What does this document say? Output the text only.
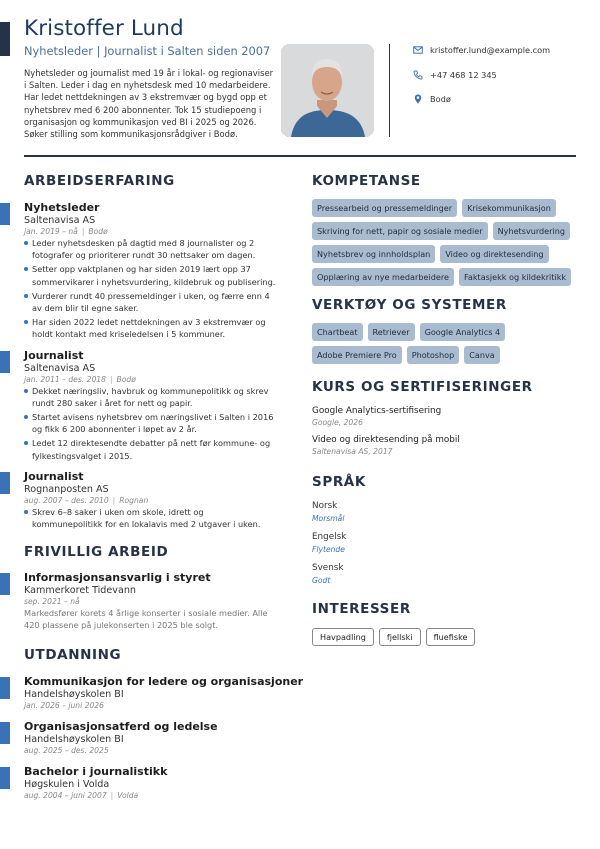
Kristoffer Lund
Nyhetsleder | Journalist i Salten siden 2007
Nyhetsleder og journalist med 19 år i lokal- og regionaviser i Salten. Leder i dag en nyhetsdesk med 10 medarbeidere. Har ledet nettdekningen av 3 ekstremvær og bygd opp et nyhetsbrev med 6 200 abonnenter. Tok 15 studiepoeng i organisasjon og kommunikasjon ved BI i 2025 og 2026. Søker stilling som kommunikasjonsrådgiver i Bodø.
kristoffer.lund@example.com
+47 468 12 345
Bodø
ARBEIDSERFARING
Nyhetsleder
Saltenavisa AS
jan. 2019 – nå | Bodø
Leder nyhetsdesken på dagtid med 8 journalister og 2 fotografer og prioriterer rundt 30 nettsaker om dagen.
Setter opp vaktplanen og har siden 2019 lært opp 37 sommervikarer i nyhetsvurdering, kildebruk og publisering.
Vurderer rundt 40 pressemeldinger i uken, og færre enn 4 av dem blir til egne saker.
Har siden 2022 ledet nettdekningen av 3 ekstremvær og holdt kontakt med kriseledelsen i 5 kommuner.
Journalist
Saltenavisa AS
jan. 2011 – des. 2018 | Bodø
Dekket næringsliv, havbruk og kommunepolitikk og skrev rundt 280 saker i året for nett og papir.
Startet avisens nyhetsbrev om næringslivet i Salten i 2016 og fikk 6 200 abonnenter i løpet av 2 år.
Ledet 12 direktesendte debatter på nett før kommune- og fylkestingsvalget i 2015.
Journalist
Rognanposten AS
aug. 2007 – des. 2010 | Rognan
Skrev 6–8 saker i uken om skole, idrett og kommunepolitikk for en lokalavis med 2 utgaver i uken.
FRIVILLIG ARBEID
Informasjonsansvarlig i styret
Kammerkoret Tidevann
sep. 2021 – nå
Markedsfører korets 4 årlige konserter i sosiale medier. Alle 420 plassene på julekonserten i 2025 ble solgt.
UTDANNING
Kommunikasjon for ledere og organisasjoner
Handelshøyskolen BI
jan. 2026 – juni 2026
Organisasjonsatferd og ledelse
Handelshøyskolen BI
aug. 2025 – des. 2025
Bachelor i journalistikk
Høgskulen i Volda
aug. 2004 – juni 2007 | Volda
KOMPETANSE
Pressearbeid og pressemeldinger	Krisekommunikasjon
Skriving for nett, papir og sosiale medier	Nyhetsvurdering
Nyhetsbrev og innholdsplan	Video og direktesending
Opplæring av nye medarbeidere	Faktasjekk og kildekritikk
VERKTØY OG SYSTEMER
Chartbeat	Retriever	Google Analytics 4
Adobe Premiere Pro	Photoshop	Canva
KURS OG SERTIFISERINGER
Google Analytics-sertifisering
Google, 2026
Video og direktesending på mobil
Saltenavisa AS, 2017
SPRÅK
Norsk
Morsmål
Engelsk
Flytende
Svensk
Godt
INTERESSER
Havpadling	fjellski	fluefiske
